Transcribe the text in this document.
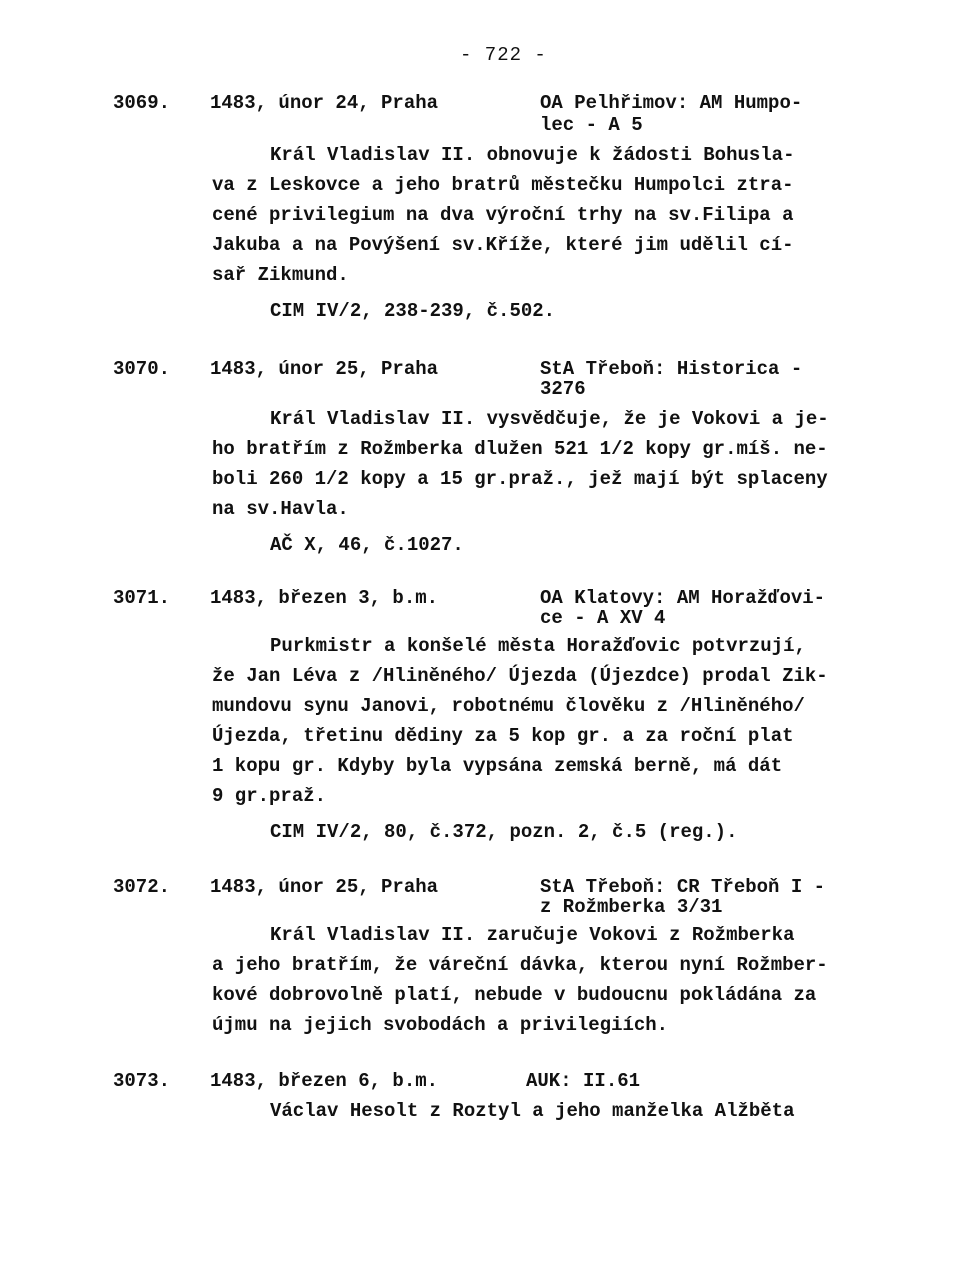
- 722 -
3069. 1483, únor 24, Praha	OA Pelhřimov: AM Humpo-
lec - A 5
Král Vladislav II. obnovuje k žádosti Bohusla-
va z Leskovce a jeho bratrů městečku Humpolci ztra-
cené privilegium na dva výroční trhy na sv.Filipa a
Jakuba a na Povýšení sv.Kříže, které jim udělil cí-
sař Zikmund.
CIM IV/2, 238-239, č.502.
3070. 1483, únor 25, Praha	StA Třeboň: Historica -
3276
Král Vladislav II. vysvědčuje, že je Vokovi a je-
ho bratřím z Rožmberka dlužen 521 1/2 kopy gr.míš. ne-
boli 260 1/2 kopy a 15 gr.praž., jež mají být splaceny
na sv.Havla.
AČ X, 46, č.1027.
3071. 1483, březen 3, b.m.	OA Klatovy: AM Horažďovi-
ce - A XV 4
Purkmistr a konšelé města Horažďovic potvrzují,
že Jan Léva z /Hliněného/ Újezda (Újezdce) prodal Zik-
mundovu synu Janovi, robotnému člověku z /Hliněného/
Újezda, třetinu dědiny za 5 kop gr. a za roční plat
1 kopu gr. Kdyby byla vypsána zemská berně, má dát
9 gr.praž.
CIM IV/2, 80, č.372, pozn. 2, č.5 (reg.).
3072. 1483, únor 25, Praha	StA Třeboň: CR Třeboň I -
z Rožmberka 3/31
Král Vladislav II. zaručuje Vokovi z Rožmberka
a jeho bratřím, že váreční dávka, kterou nyní Rožmber-
kové dobrovolně platí, nebude v budoucnu pokládána za
újmu na jejich svobodách a privilegiích.
3073. 1483, březen 6, b.m.	AUK: II.61
Václav Hesolt z Roztyl a jeho manželka Alžběta
